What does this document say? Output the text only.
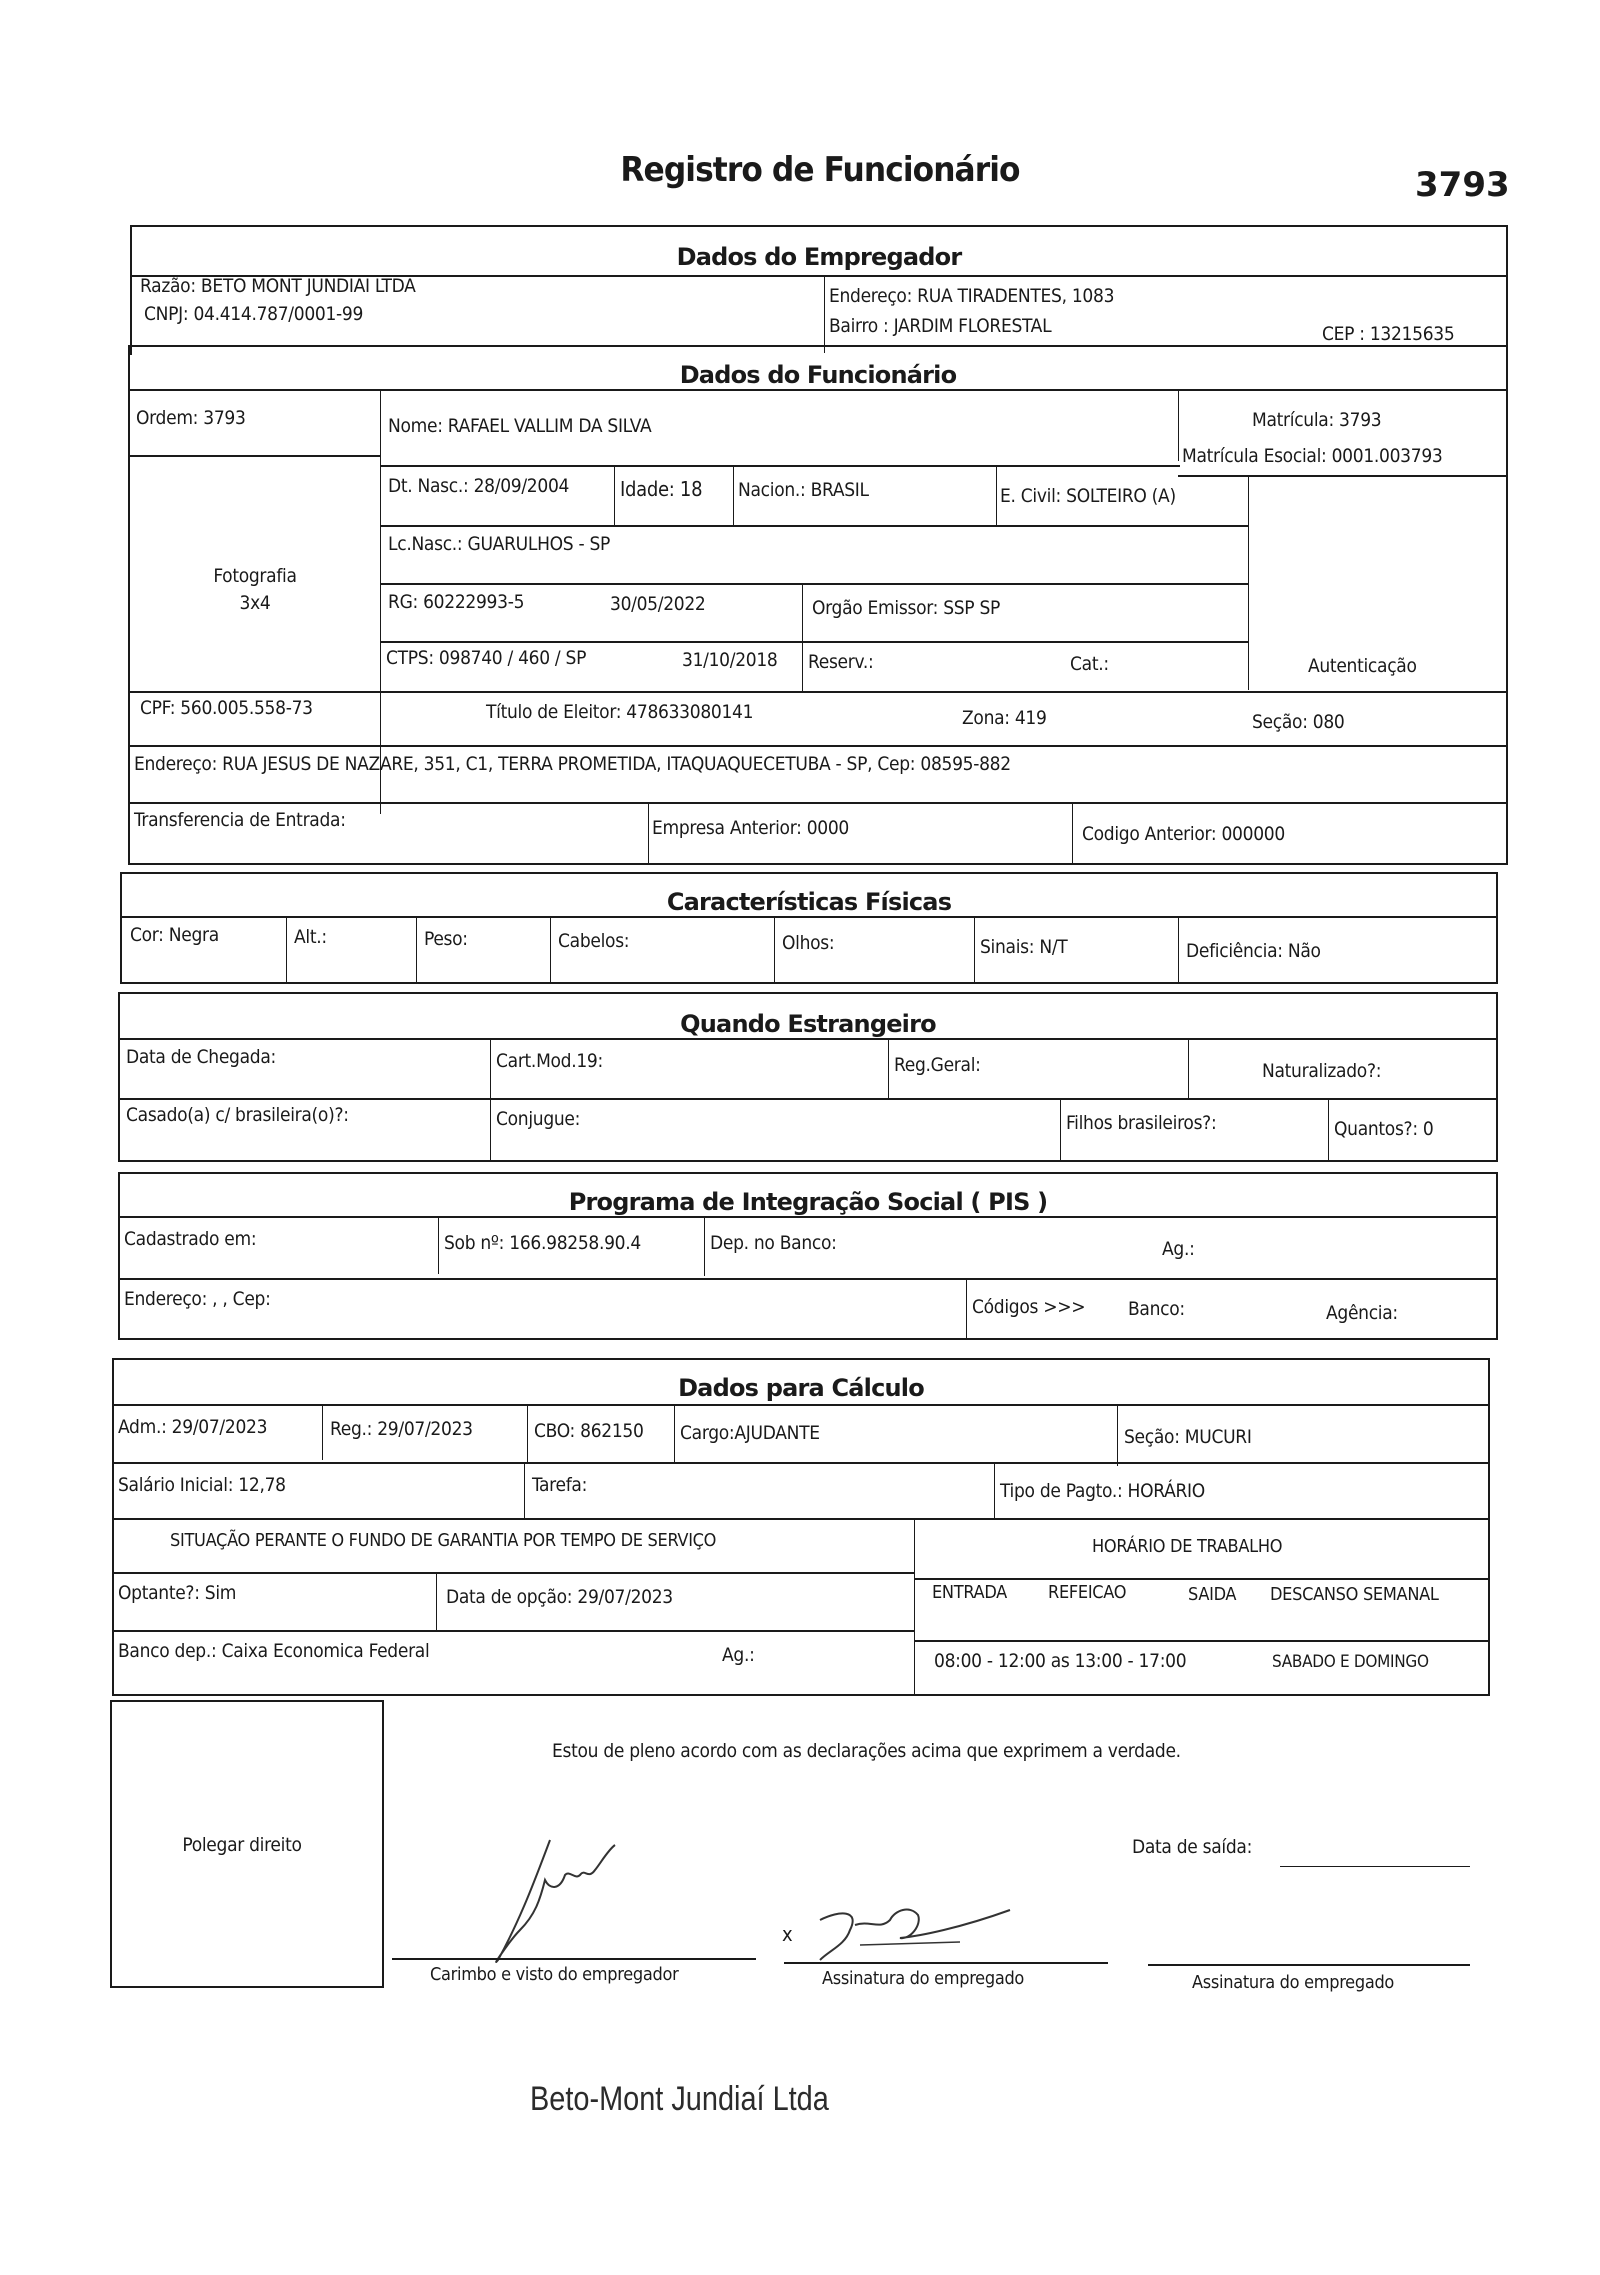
Registro de Funcionário	3793
Dados do Empregador
Razão: BETO MONT JUNDIAI LTDA
CNPJ: 04.414.787/0001-99
Endereço: RUA TIRADENTES, 1083
Bairro : JARDIM FLORESTAL	CEP : 13215635
Dados do Funcionário
Ordem: 3793	Nome: RAFAEL VALLIM DA SILVA	Matrícula: 3793
Matrícula Esocial: 0001.003793
Fotografia
3x4
Autenticação
Dt. Nasc.: 28/09/2004	Idade: 18 Nacion.: BRASIL	E. Civil: SOLTEIRO (A)
Lc.Nasc.: GUARULHOS - SP
RG: 60222993-5	30/05/2022	Orgão Emissor: SSP SP
CTPS: 098740 / 460 / SP	31/10/2018 Reserv.:	Cat.:
CPF: 560.005.558-73	Título de Eleitor: 478633080141	Zona: 419	Seção: 080
Endereço: RUA JESUS DE NAZARE, 351, C1, TERRA PROMETIDA, ITAQUAQUECETUBA - SP, Cep: 08595-882
Transferencia de Entrada:	Empresa Anterior: 0000	Codigo Anterior: 000000
Características Físicas
Cor: Negra	Alt.:	Peso:	Cabelos:	Olhos:	Sinais: N/T	Deficiência: Não
Quando Estrangeiro
Data de Chegada:	Cart.Mod.19:	Reg.Geral:	Naturalizado?:
Casado(a) c/ brasileira(o)?:	Conjugue:	Filhos brasileiros?:	Quantos?: 0
Programa de Integração Social ( PIS )
Cadastrado em:	Sob nº: 166.98258.90.4	Dep. no Banco:	Ag.:
Endereço: , , Cep:	Códigos >>> Banco:	Agência:
Dados para Cálculo
Adm.: 29/07/2023	Reg.: 29/07/2023	CBO: 862150 Cargo:AJUDANTE	Seção: MUCURI
Salário Inicial: 12,78	Tarefa:	Tipo de Pagto.: HORÁRIO
SITUAÇÃO PERANTE O FUNDO DE GARANTIA POR TEMPO DE SERVIÇO	HORÁRIO DE TRABALHO
Optante?: Sim	Data de opção: 29/07/2023	ENTRADA REFEICAO	SAIDA DESCANSO SEMANAL
Banco dep.: Caixa Economica Federal	Ag.:	08:00 - 12:00 as 13:00 - 17:00	SABADO E DOMINGO
Polegar direito
Estou de pleno acordo com as declarações acima que exprimem a verdade.
Data de saída:
x
Carimbo e visto do empregador	Assinatura do empregado	Assinatura do empregado
Beto-Mont Jundiaí Ltda
